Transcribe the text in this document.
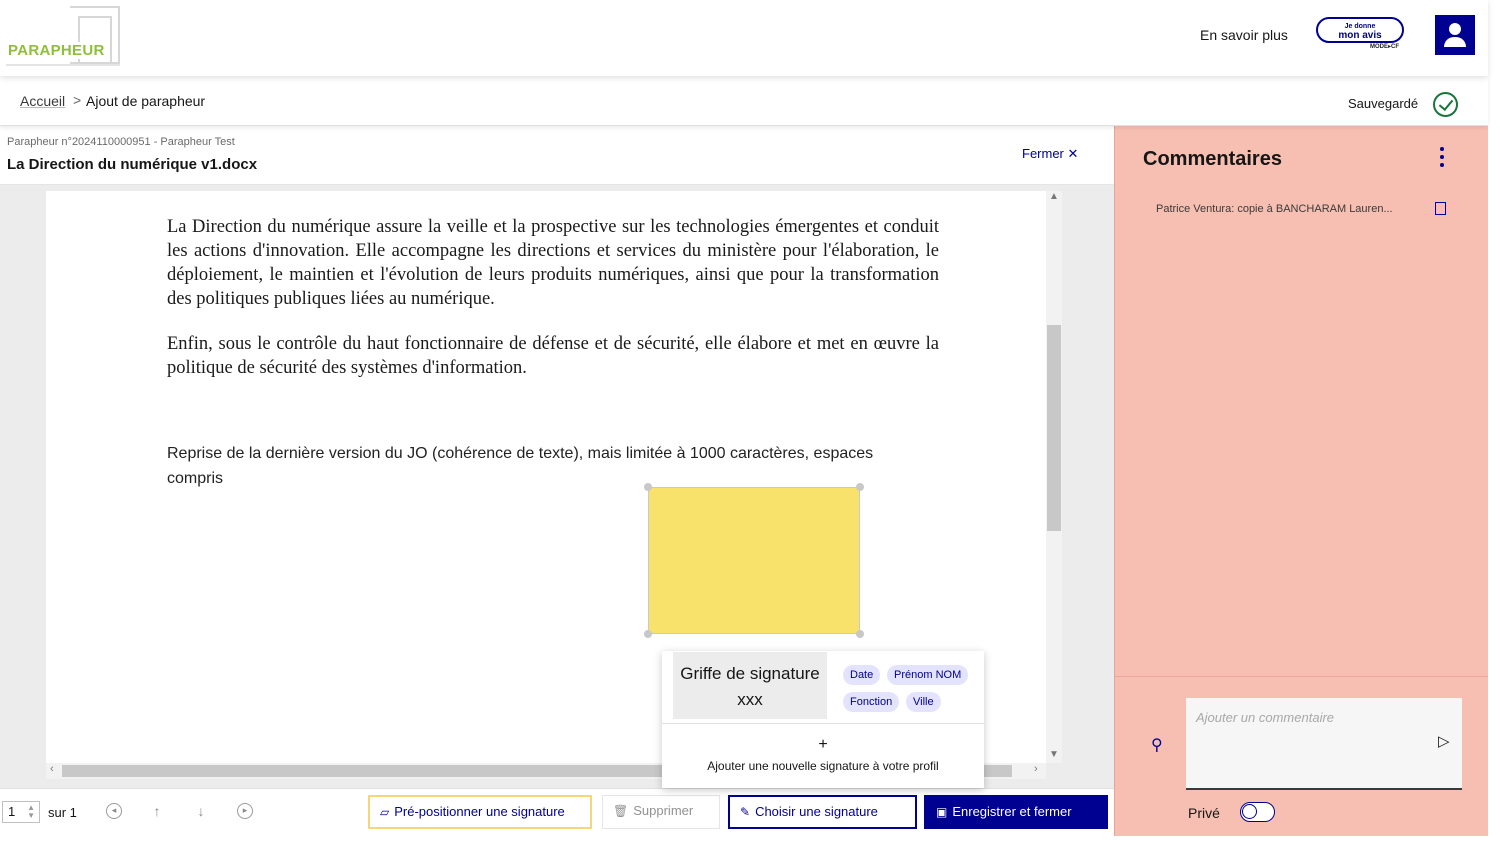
PARAPHEUR
En savoir plus
Je donne
mon avis
MODE▸CF
Accueil > Ajout de parapheur	Sauvegardé
Parapheur n°2024110000951 - Parapheur Test
La Direction du numérique v1.docx
Fermer ✕
La Direction du numérique assure la veille et la prospective sur les technologies émergentes et conduit les actions d'innovation. Elle accompagne les directions et services du ministère pour l'élaboration, le déploiement, le maintien et l'évolution de leurs produits numériques, ainsi que pour la transformation des politiques publiques liées au numérique.
Enfin, sous le contrôle du haut fonctionnaire de défense et de sécurité, elle élabore et met en œuvre la politique de sécurité des systèmes d'information.
Reprise de la dernière version du JO (cohérence de texte), mais limitée à 1000 caractères, espaces compris
▲
▼
‹	›
Griffe de signature xxx
Date	Prénom NOM
Fonction	Ville
+
Ajouter une nouvelle signature à votre profil
1 ▲
▼ sur 1	◂	↑	↓	▸	▱ Pré-positionner une signature	🗑 Supprimer	✎ Choisir une signature	▣ Enregistrer et fermer
Commentaires
Patrice Ventura: copie à BANCHARAM Lauren...
⚲
Ajouter un commentaire
▷
Privé
